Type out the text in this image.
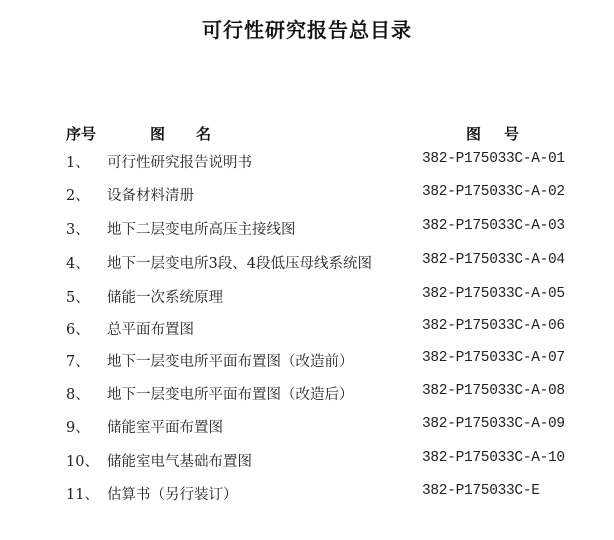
可行性研究报告总目录
序号	图　名	图　号
1、 可行性研究报告说明书	382-P175033C-A-01
2、 设备材料清册	382-P175033C-A-02
3、 地下二层变电所高压主接线图	382-P175033C-A-03
4、 地下一层变电所3段、4段低压母线系统图	382-P175033C-A-04
5、 储能一次系统原理	382-P175033C-A-05
6、 总平面布置图	382-P175033C-A-06
7、 地下一层变电所平面布置图（改造前）	382-P175033C-A-07
8、 地下一层变电所平面布置图（改造后）	382-P175033C-A-08
9、 储能室平面布置图	382-P175033C-A-09
10、 储能室电气基础布置图	382-P175033C-A-10
11、 估算书（另行装订）	382-P175033C-E
